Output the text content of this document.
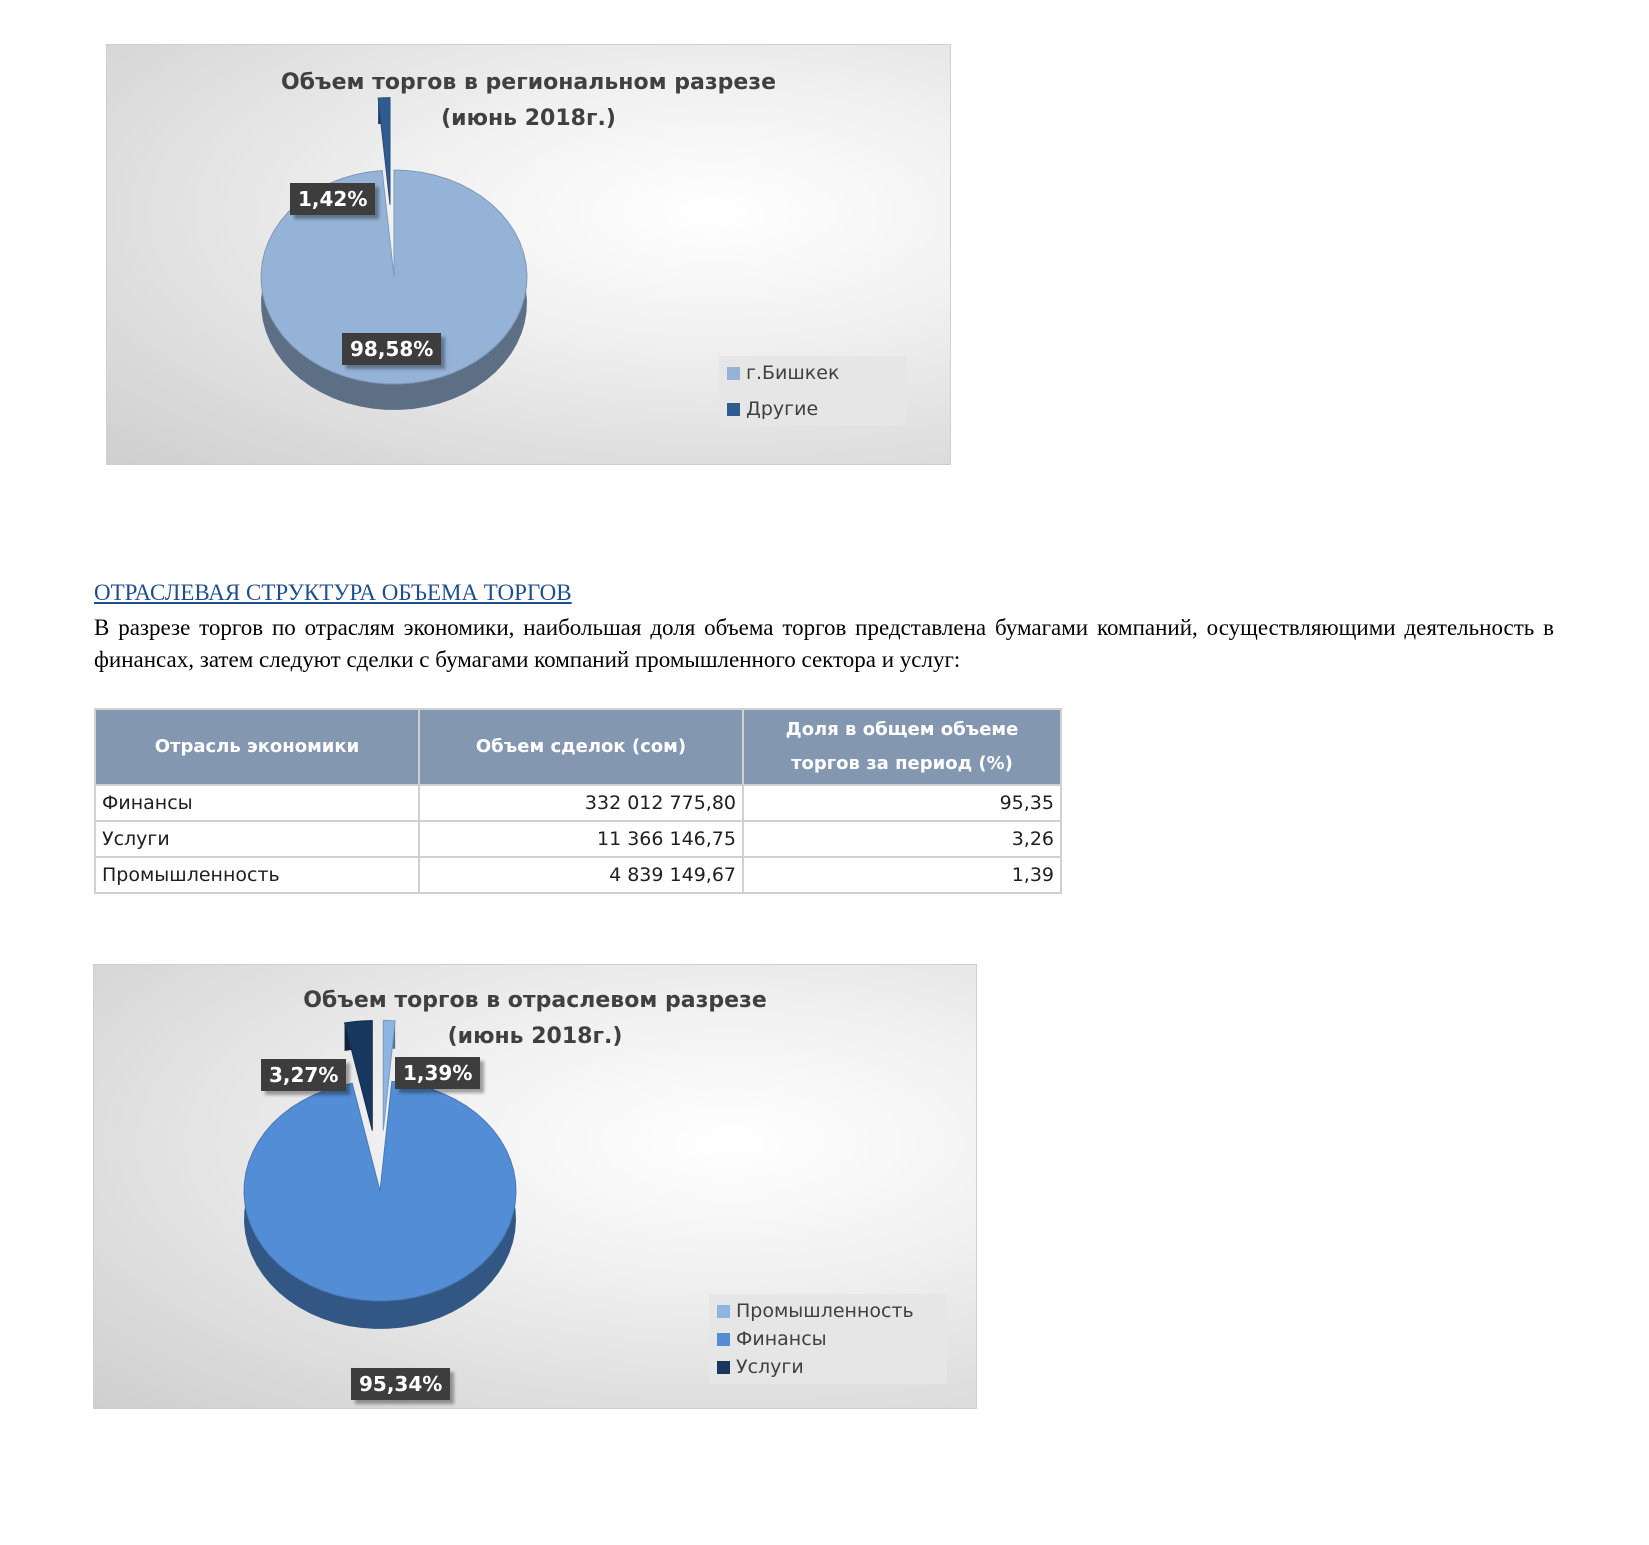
Объем торгов в региональном разрезе
(июнь 2018г.)
1,42%
98,58%
г.Бишкек
Другие
ОТРАСЛЕВАЯ СТРУКТУРА ОБЪЕМА ТОРГОВ
В разрезе торгов по отраслям экономики, наибольшая доля объема торгов представлена бумагами компаний, осуществляющими деятельность в финансах, затем следуют сделки с бумагами компаний промышленного сектора и услуг:
Отрасль экономики	Объем сделок (сом)	Доля в общем объеме торгов за период (%)
Финансы	332 012 775,80	95,35
Услуги	11 366 146,75	3,26
Промышленность	4 839 149,67	1,39
Объем торгов в отраслевом разрезе
(июнь 2018г.)
3,27%	1,39%
95,34%
Промышленность
Финансы
Услуги
